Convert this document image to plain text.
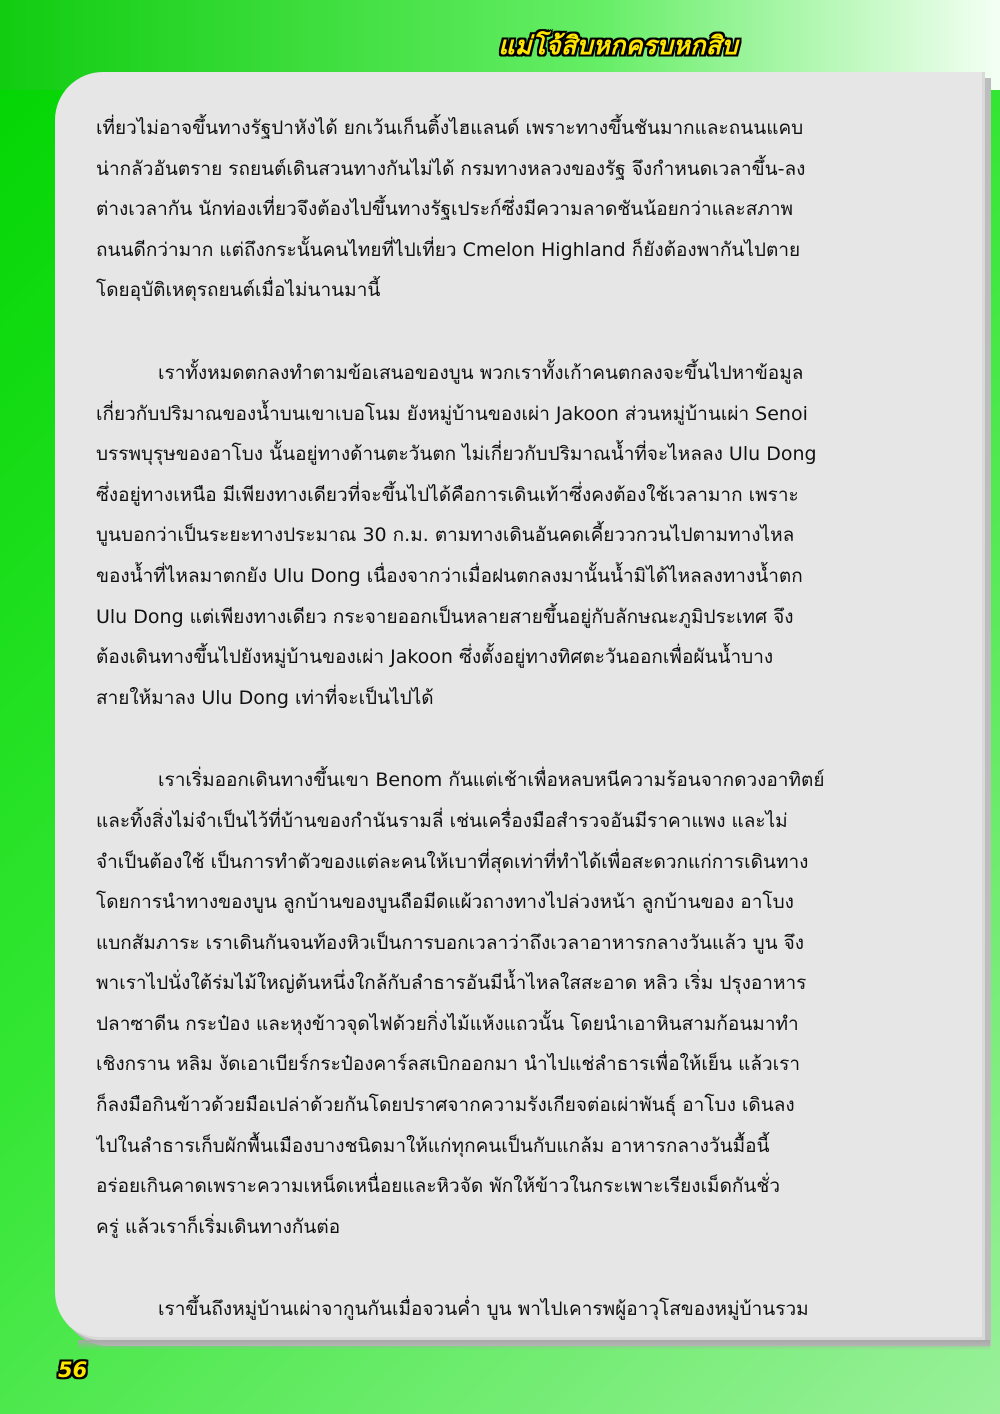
แม่โจ้สิบหกครบหกสิบ

เที่ยวไม่อาจขึ้นทางรัฐปาหังได้ ยกเว้นเก็นติ้งไฮแลนด์ เพราะทางขึ้นชันมากและถนนแคบ
น่ากลัวอันตราย รถยนต์เดินสวนทางกันไม่ได้ กรมทางหลวงของรัฐ จึงกำหนดเวลาขึ้น-ลง
ต่างเวลากัน นักท่องเที่ยวจึงต้องไปขึ้นทางรัฐเประก์ซึ่งมีความลาดชันน้อยกว่าและสภาพ
ถนนดีกว่ามาก แต่ถึงกระนั้นคนไทยที่ไปเที่ยว Cmelon Highland ก็ยังต้องพากันไปตาย
โดยอุบัติเหตุรถยนต์เมื่อไม่นานมานี้

เราทั้งหมดตกลงทำตามข้อเสนอของบูน พวกเราทั้งเก้าคนตกลงจะขึ้นไปหาข้อมูล
เกี่ยวกับปริมาณของน้ำบนเขาเบอโนม ยังหมู่บ้านของเผ่า Jakoon ส่วนหมู่บ้านเผ่า Senoi
บรรพบุรุษของอาโบง นั้นอยู่ทางด้านตะวันตก ไม่เกี่ยวกับปริมาณน้ำที่จะไหลลง Ulu Dong
ซึ่งอยู่ทางเหนือ มีเพียงทางเดียวที่จะขึ้นไปได้คือการเดินเท้าซึ่งคงต้องใช้เวลามาก เพราะ
บูนบอกว่าเป็นระยะทางประมาณ 30 ก.ม. ตามทางเดินอันคดเคี้ยววกวนไปตามทางไหล
ของน้ำที่ไหลมาตกยัง Ulu Dong เนื่องจากว่าเมื่อฝนตกลงมานั้นน้ำมิได้ไหลลงทางน้ำตก
Ulu Dong แต่เพียงทางเดียว กระจายออกเป็นหลายสายขึ้นอยู่กับลักษณะภูมิประเทศ จึง
ต้องเดินทางขึ้นไปยังหมู่บ้านของเผ่า Jakoon ซึ่งตั้งอยู่ทางทิศตะวันออกเพื่อผันน้ำบาง
สายให้มาลง Ulu Dong เท่าที่จะเป็นไปได้

เราเริ่มออกเดินทางขึ้นเขา Benom กันแต่เช้าเพื่อหลบหนีความร้อนจากดวงอาทิตย์
และทิ้งสิ่งไม่จำเป็นไว้ที่บ้านของกำนันรามลี่ เช่นเครื่องมือสำรวจอันมีราคาแพง และไม่
จำเป็นต้องใช้ เป็นการทำตัวของแต่ละคนให้เบาที่สุดเท่าที่ทำได้เพื่อสะดวกแก่การเดินทาง
โดยการนำทางของบูน ลูกบ้านของบูนถือมีดแผ้วถางทางไปล่วงหน้า ลูกบ้านของ อาโบง
แบกสัมภาระ เราเดินกันจนท้องหิวเป็นการบอกเวลาว่าถึงเวลาอาหารกลางวันแล้ว บูน จึง
พาเราไปนั่งใต้ร่มไม้ใหญ่ต้นหนึ่งใกล้กับลำธารอันมีน้ำไหลใสสะอาด หลิว เริ่ม ปรุงอาหาร
ปลาซาดีน กระป๋อง และหุงข้าวจุดไฟด้วยกิ่งไม้แห้งแถวนั้น โดยนำเอาหินสามก้อนมาทำ
เชิงกราน หลิม งัดเอาเบียร์กระป๋องคาร์ลสเบิกออกมา นำไปแช่ลำธารเพื่อให้เย็น แล้วเรา
ก็ลงมือกินข้าวด้วยมือเปล่าด้วยกันโดยปราศจากความรังเกียจต่อเผ่าพันธุ์ อาโบง เดินลง
ไปในลำธารเก็บผักพื้นเมืองบางชนิดมาให้แก่ทุกคนเป็นกับแกล้ม อาหารกลางวันมื้อนี้
อร่อยเกินคาดเพราะความเหน็ดเหนื่อยและหิวจัด พักให้ข้าวในกระเพาะเรียงเม็ดกันชั่ว
ครู่ แล้วเราก็เริ่มเดินทางกันต่อ

เราขึ้นถึงหมู่บ้านเผ่าจากูนกันเมื่อจวนค่ำ บูน พาไปเคารพผู้อาวุโสของหมู่บ้านรวม

56
